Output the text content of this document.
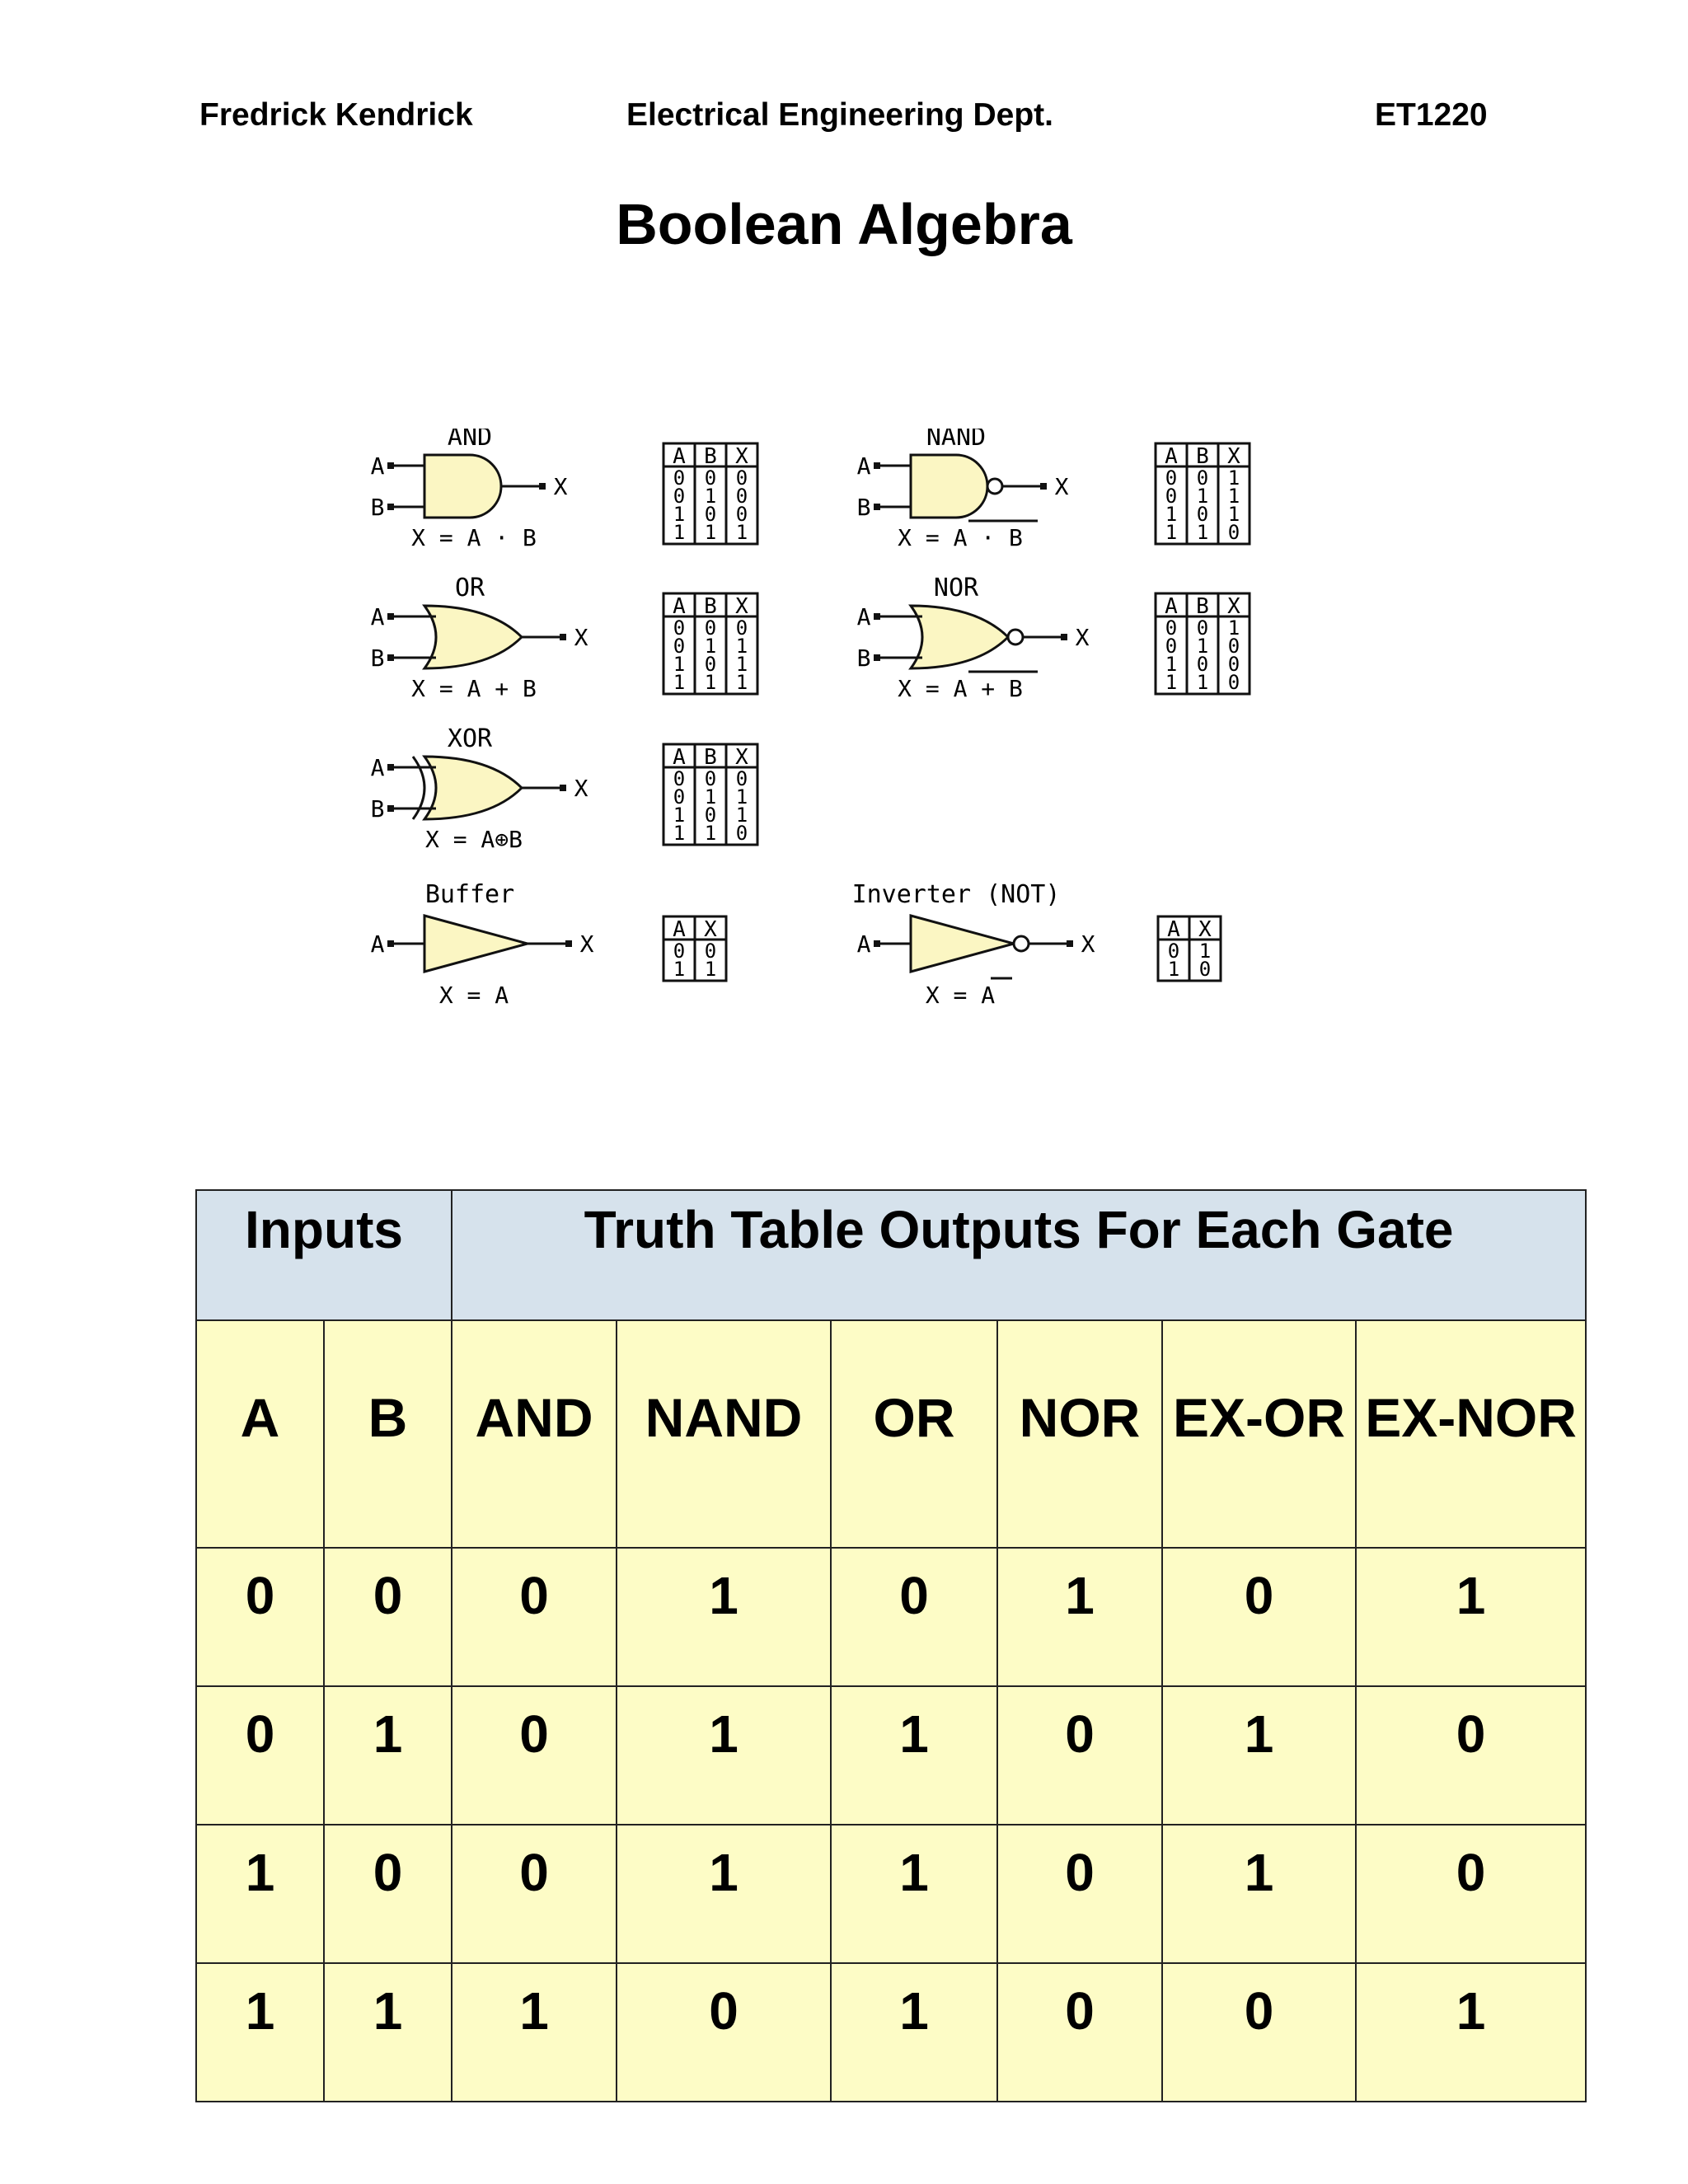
Fredrick Kendrick	Electrical Engineering Dept.	ET1220
Boolean Algebra
AND
A
B
X
X = A · B
A B X
0 0 0
0 1 0
1 0 0
1 1 1
NAND
A
B
X
X = A · B
A B X
0 0 1
0 1 1
1 0 1
1 1 0
OR
A
B
X
X = A + B
A B X
0 0 0
0 1 1
1 0 1
1 1 1
NOR
A
B
X
X = A + B
A B X
0 0 1
0 1 0
1 0 0
1 1 0
XOR
A
B
X
X = A⊕B
A B X
0 0 0
0 1 1
1 0 1
1 1 0
Buffer
A	X
X = A
A X
0 0
1 1
Inverter (NOT)
A	X
X = A
A X
0 1
1 0
Inputs		Truth Table Outputs For Each Gate					
A	B	AND	NAND	OR	NOR	EX-OR	EX-NOR
0	0	0	1	0	1	0	1
0	1	0	1	1	0	1	0
1	0	0	1	1	0	1	0
1	1	1	0	1	0	0	1
